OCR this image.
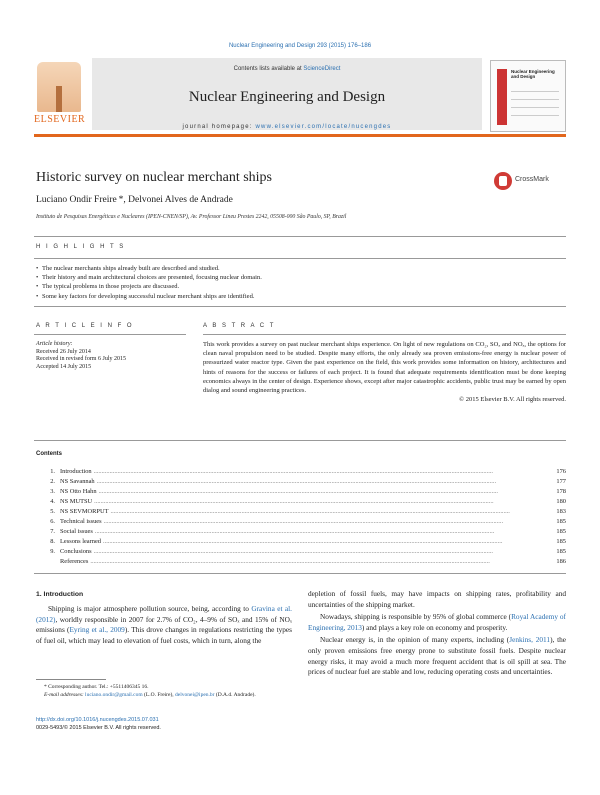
Nuclear Engineering and Design 293 (2015) 176–186
ELSEVIER
Contents lists available at ScienceDirect
Nuclear Engineering and Design
journal homepage: www.elsevier.com/locate/nucengdes
Nuclear Engineering and Design
Historic survey on nuclear merchant ships	CrossMark
Luciano Ondir Freire *, Delvonei Alves de Andrade
Instituto de Pesquisas Energéticas e Nucleares (IPEN-CNEN/SP), Av. Professor Lineu Prestes 2242, 05508-000 São Paulo, SP, Brazil
H I G H L I G H T S
• The nuclear merchants ships already built are described and studied.
• Their history and main architectural choices are presented, focusing nuclear domain.
• The typical problems in those projects are discussed.
• Some key factors for developing successful nuclear merchant ships are identified.
A R T I C L E I N F O	A B S T R A C T
Article history:
Received 26 July 2014
Received in revised form 6 July 2015
Accepted 14 July 2015
This work provides a survey on past nuclear merchant ships experience. On light of new regulations on CO₂, SOₓ and NOₓ, the options for clean naval propulsion need to be studied. Despite many efforts, the only already sea proven emissions-free energy is nuclear power of pressurized water reactor type. Given the past experience on the field, this work provides some information on history, architectures and hints of reasons for the success or failures of each project. It is found that adequate requirements identification must be done keeping economics always in the center of design. Experience shows, except after major catastrophic accidents, public trust may be earned by open dialog and sound engineering practices.
© 2015 Elsevier B.V. All rights reserved.
Contents
1. Introduction ..........................................................................................................................................................................................................................................................	176
2. NS Savannah ..........................................................................................................................................................................................................................................................	177
3. NS Otto Hahn ..........................................................................................................................................................................................................................................................	178
4. NS MUTSU ..........................................................................................................................................................................................................................................................	180
5. NS SEVMORPUT ..........................................................................................................................................................................................................................................................	183
6. Technical issues ..........................................................................................................................................................................................................................................................	185
7. Social issues ..........................................................................................................................................................................................................................................................	185
8. Lessons learned ..........................................................................................................................................................................................................................................................	185
9. Conclusions ..........................................................................................................................................................................................................................................................	185
References ..........................................................................................................................................................................................................................................................	186
1. Introduction

Shipping is major atmosphere pollution source, being, according to Gravina et al. (2012), worldly responsible in 2007 for 2.7% of CO₂, 4–9% of SOₓ and 15% of NOₓ emissions (Eyring et al., 2009). This drove changes in regulations restricting the types of fuel oil, which may lead to elevation of fuel costs, which in turn, along the

depletion of fossil fuels, may have impacts on shipping rates, profitability and uncertainties of the shipping market.

Nowadays, shipping is responsible by 95% of global commerce (Royal Academy of Engineering, 2013) and plays a key role on economy and prosperity.

Nuclear energy is, in the opinion of many experts, including (Jenkins, 2011), the only proven emissions free energy prone to substitute fossil fuels. Despite nuclear energy risks, it may avoid a much more frequent accident that is oil spill at sea. The prices of nuclear fuel are stable and low, reducing operating costs and uncertainties.

* Corresponding author. Tel.: +5511406345 16.

E-mail addresses: luciano.ondir@gmail.com (L.O. Freire), delvonei@ipen.br (D.A.d. Andrade).

http://dx.doi.org/10.1016/j.nucengdes.2015.07.031
0029-5493/© 2015 Elsevier B.V. All rights reserved.
